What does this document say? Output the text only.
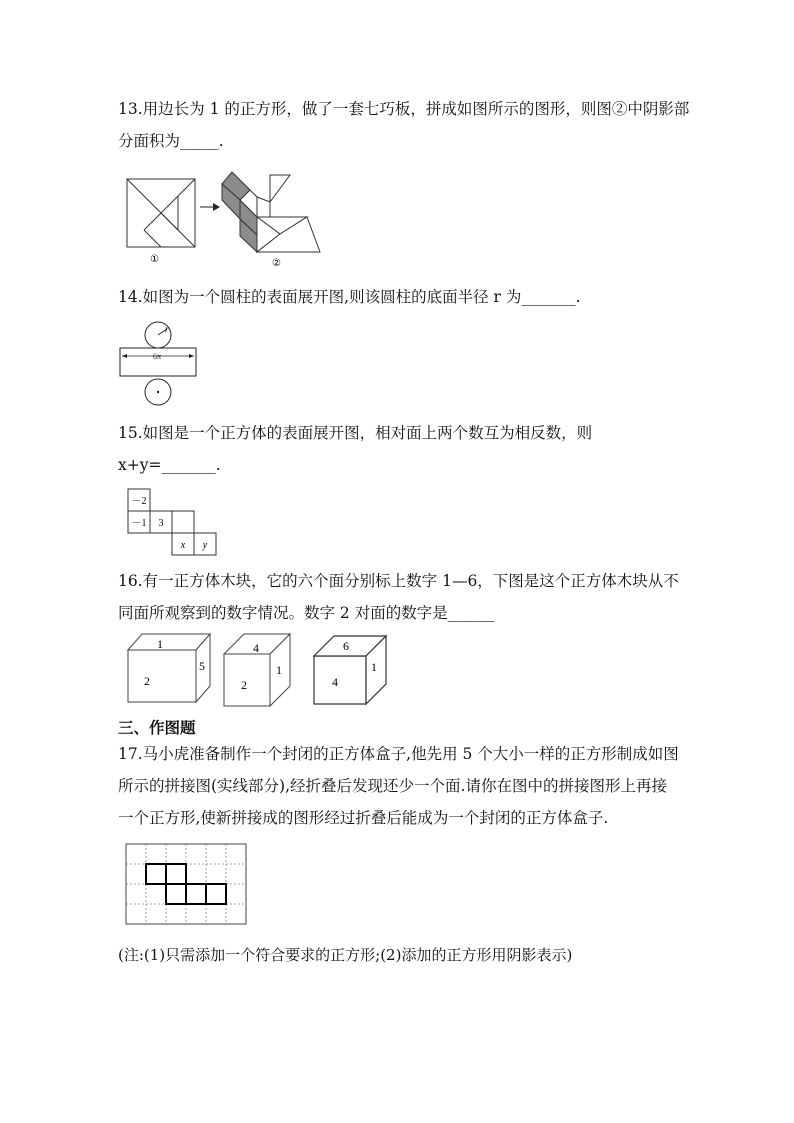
13.用边长为 1 的正方形，做了一套七巧板，拼成如图所示的图形，则图②中阴影部
分面积为_____.
①	②
14.如图为一个圆柱的表面展开图,则该圆柱的底面半径 r 为_______.
r
6π
15.如图是一个正方体的表面展开图，相对面上两个数互为相反数，则
x+y=_______.
－2
－1 3
x y
16.有一正方体木块，它的六个面分别标上数字 1—6，下图是这个正方体木块从不
同面所观察到的数字情况。数字 2 对面的数字是______
1
2
5
4
2
1
6
4
1
三、作图题
17.马小虎准备制作一个封闭的正方体盒子,他先用 5 个大小一样的正方形制成如图
所示的拼接图(实线部分),经折叠后发现还少一个面.请你在图中的拼接图形上再接
一个正方形,使新拼接成的图形经过折叠后能成为一个封闭的正方体盒子.
(注:(1)只需添加一个符合要求的正方形;(2)添加的正方形用阴影表示)
